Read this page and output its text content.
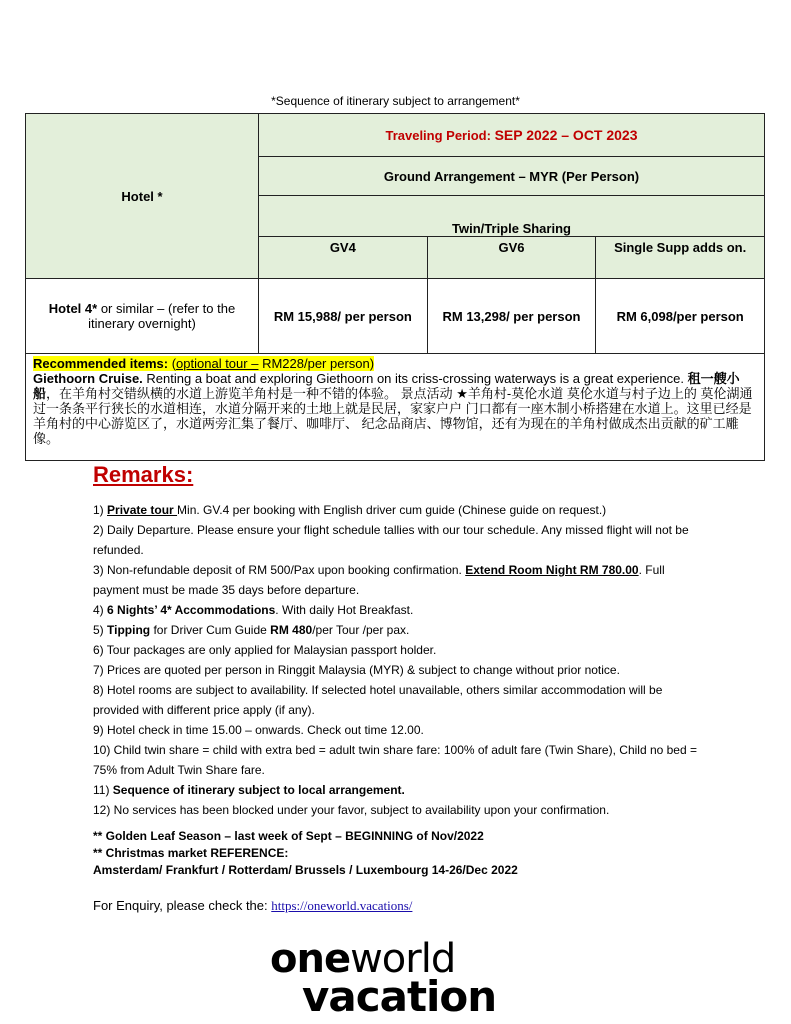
*Sequence of itinerary subject to arrangement*
Hotel *	Traveling Period: SEP 2022 – OCT 2023		
	Ground Arrangement – MYR (Per Person)		
	Twin/Triple Sharing		
	GV4	GV6	Single Supp adds on.
Hotel 4* or similar – (refer to the itinerary overnight)	RM 15,988/ per person	RM 13,298/ per person	RM 6,098/per person

Recommended items: (optional tour – RM228/per person)
Giethoorn Cruise. Renting a boat and exploring Giethoorn on its criss-crossing waterways is a great experience. 租一艘小船，在羊角村交错纵横的水道上游览羊角村是一种不错的体验。 景点活动 ★羊角村-莫伦水道 莫伦水道与村子边上的 莫伦湖通过一条条平行狭长的水道相连，水道分隔开来的土地上就是民居，家家户户 门口都有一座木制小桥搭建在水道上。这里已经是羊角村的中心游览区了，水道两旁汇集了餐厅、咖啡厅、 纪念品商店、博物馆，还有为现在的羊角村做成杰出贡献的矿工雕像。			
Remarks:

1) Private tour Min. GV.4 per booking with English driver cum guide (Chinese guide on request.)

2) Daily Departure. Please ensure your flight schedule tallies with our tour schedule. Any missed flight will not be refunded.

3) Non-refundable deposit of RM 500/Pax upon booking confirmation. Extend Room Night RM 780.00. Full payment must be made 35 days before departure.

4) 6 Nights’ 4* Accommodations. With daily Hot Breakfast.

5) Tipping for Driver Cum Guide RM 480/per Tour /per pax.

6) Tour packages are only applied for Malaysian passport holder.

7) Prices are quoted per person in Ringgit Malaysia (MYR) & subject to change without prior notice.

8) Hotel rooms are subject to availability. If selected hotel unavailable, others similar accommodation will be provided with different price apply (if any).

9) Hotel check in time 15.00 – onwards. Check out time 12.00.

10) Child twin share = child with extra bed = adult twin share fare: 100% of adult fare (Twin Share), Child no bed = 75% from Adult Twin Share fare.

11) Sequence of itinerary subject to local arrangement.

12) No services has been blocked under your favor, subject to availability upon your confirmation.

** Golden Leaf Season – last week of Sept – BEGINNING of Nov/2022
** Christmas market REFERENCE:
Amsterdam/ Frankfurt / Rotterdam/ Brussels / Luxembourg 14-26/Dec 2022
For Enquiry, please check the: https://oneworld.vacations/
oneworld
vacation
